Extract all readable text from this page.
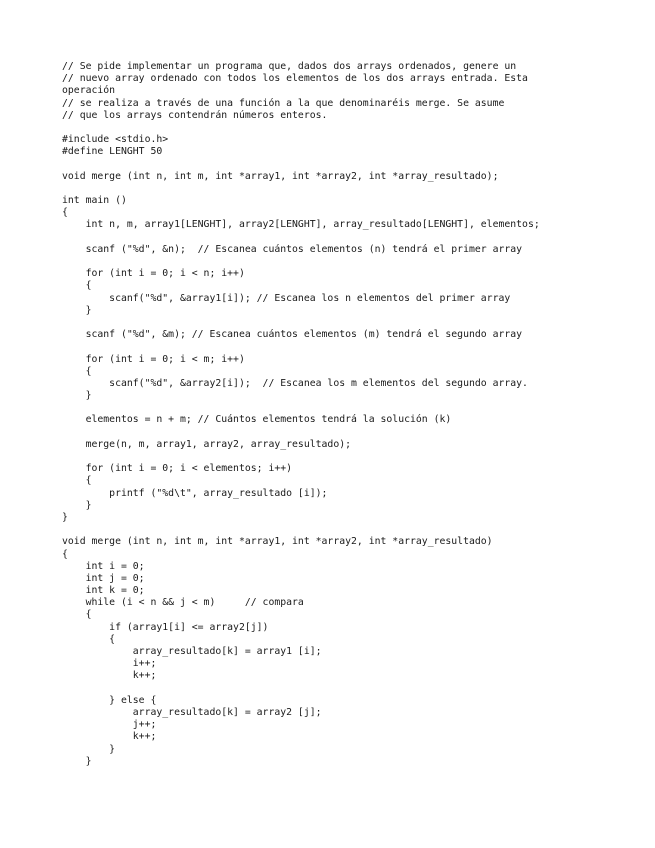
// Se pide implementar un programa que, dados dos arrays ordenados, genere un
// nuevo array ordenado con todos los elementos de los dos arrays entrada. Esta
operación
// se realiza a través de una función a la que denominaréis merge. Se asume
// que los arrays contendrán números enteros.
#include <stdio.h>
#define LENGHT 50
void merge (int n, int m, int *array1, int *array2, int *array_resultado);
int main ()
{
int n, m, array1[LENGHT], array2[LENGHT], array_resultado[LENGHT], elementos;
scanf ("%d", &n);  // Escanea cuántos elementos (n) tendrá el primer array
for (int i = 0; i < n; i++)
{
scanf("%d", &array1[i]); // Escanea los n elementos del primer array
}
scanf ("%d", &m); // Escanea cuántos elementos (m) tendrá el segundo array
for (int i = 0; i < m; i++)
{
scanf("%d", &array2[i]);  // Escanea los m elementos del segundo array.
}
elementos = n + m; // Cuántos elementos tendrá la solución (k)
merge(n, m, array1, array2, array_resultado);
for (int i = 0; i < elementos; i++)
{
printf ("%d\t", array_resultado [i]);
}
}
void merge (int n, int m, int *array1, int *array2, int *array_resultado)
{
int i = 0;
int j = 0;
int k = 0;
while (i < n && j < m)     // compara
{
if (array1[i] <= array2[j])
{
array_resultado[k] = array1 [i];
i++;
k++;
} else {
array_resultado[k] = array2 [j];
j++;
k++;
}
}
